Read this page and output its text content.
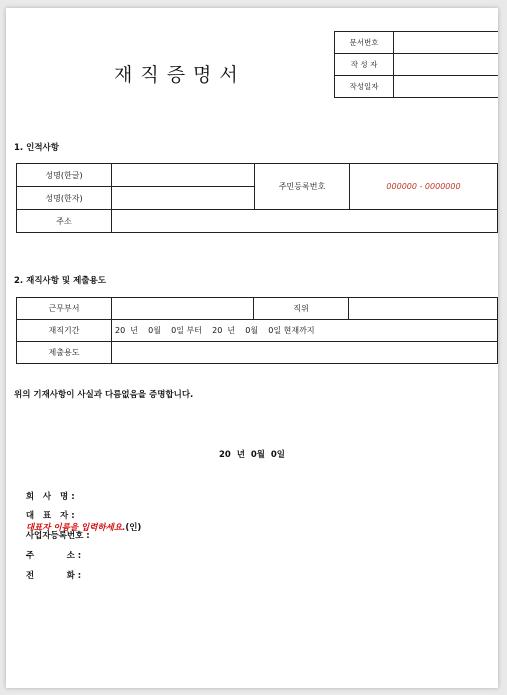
재직증명서
문서번호	
작 성 자	
작성일자	
1. 인적사항
성명(한글)		주민등록번호	000000 - 0000000
성명(한자)			
주소			
2. 재직사항 및 제출용도
근무부서		직위	
재직기간	20  년    0월    0일 부터    20  년    0월    0일 현재까지		
제출용도			
위의 기재사항이 사실과 다름없음을 증명합니다.
20  년  0월  0일

회   사   명 :

대   표   자 :
대표자 이름을 입력하세요.(인)

사업자등록번호 :

주           소 :

전           화 :
